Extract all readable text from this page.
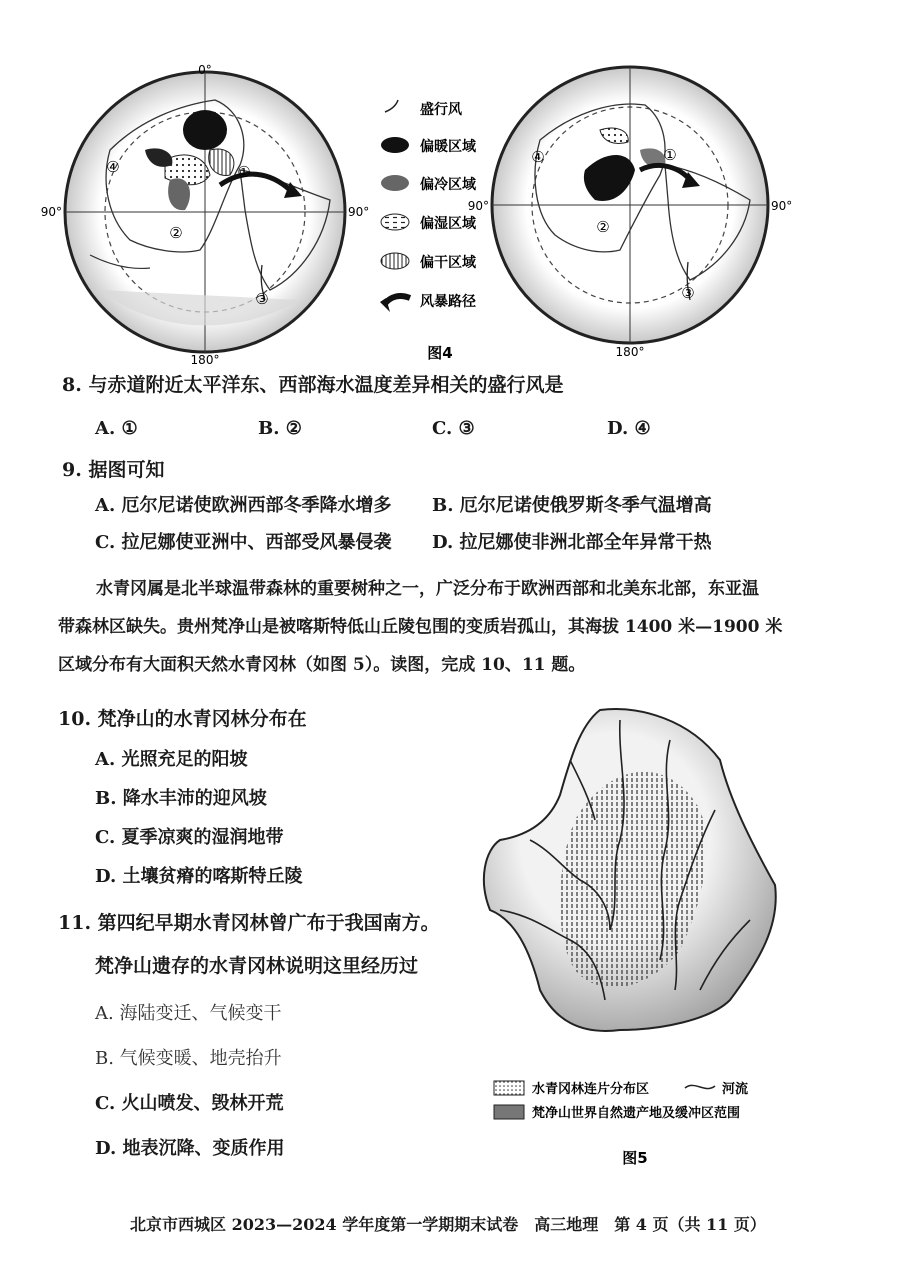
①
②
③
④
0°
90°	90°
180°
盛行风
偏暖区域
偏冷区域
偏湿区域
偏干区域
风暴路径
图4
①
②
③
④
90°	90°
180°
8. 与赤道附近太平洋东、西部海水温度差异相关的盛行风是
A. ①	B. ②	C. ③	D. ④
9. 据图可知
A. 厄尔尼诺使欧洲西部冬季降水增多 B. 厄尔尼诺使俄罗斯冬季气温增高
C. 拉尼娜使亚洲中、西部受风暴侵袭 D. 拉尼娜使非洲北部全年异常干热
水青冈属是北半球温带森林的重要树种之一，广泛分布于欧洲西部和北美东北部，东亚温
带森林区缺失。贵州梵净山是被喀斯特低山丘陵包围的变质岩孤山，其海拔 1400 米—1900 米
区域分布有大面积天然水青冈林（如图 5）。读图，完成 10、11 题。
10. 梵净山的水青冈林分布在
A. 光照充足的阳坡
B. 降水丰沛的迎风坡
C. 夏季凉爽的湿润地带
D. 土壤贫瘠的喀斯特丘陵
11. 第四纪早期水青冈林曾广布于我国南方。
梵净山遗存的水青冈林说明这里经历过
A. 海陆变迁、气候变干
B. 气候变暖、地壳抬升
C. 火山喷发、毁林开荒
D. 地表沉降、变质作用
水青冈林连片分布区	河流
梵净山世界自然遗产地及缓冲区范围
图5
北京市西城区 2023—2024 学年度第一学期期末试卷　高三地理　第 4 页（共 11 页）
